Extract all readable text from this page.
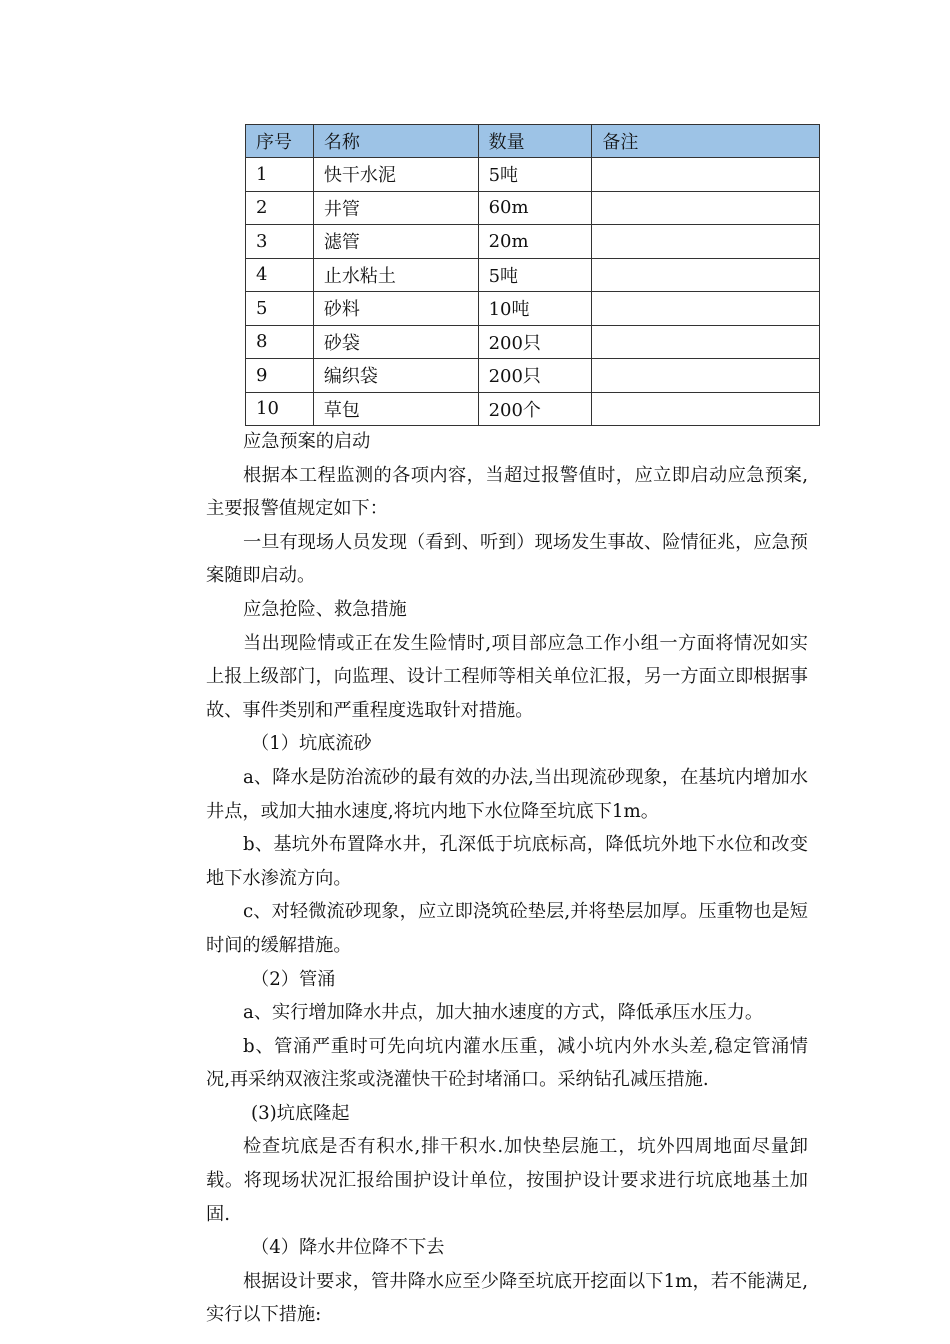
序号	名称	数量	备注
1	快干水泥	5吨	
2	井管	60m	
3	滤管	20m	
4	止水粘土	5吨	
5	砂料	10吨	
8	砂袋	200只	
9	编织袋	200只	
10	草包	200个	

应急预案的启动

根据本工程监测的各项内容，当超过报警值时，应立即启动应急预案,主要报警值规定如下：

一旦有现场人员发现（看到、听到）现场发生事故、险情征兆，应急预案随即启动。

应急抢险、救急措施

当出现险情或正在发生险情时,项目部应急工作小组一方面将情况如实上报上级部门，向监理、设计工程师等相关单位汇报，另一方面立即根据事故、事件类别和严重程度选取针对措施。

（1）坑底流砂

a、降水是防治流砂的最有效的办法,当出现流砂现象，在基坑内增加水井点，或加大抽水速度,将坑内地下水位降至坑底下1m。

b、基坑外布置降水井，孔深低于坑底标高，降低坑外地下水位和改变地下水渗流方向。

c、对轻微流砂现象，应立即浇筑砼垫层,并将垫层加厚。压重物也是短时间的缓解措施。

（2）管涌

a、实行增加降水井点，加大抽水速度的方式，降低承压水压力。

b、管涌严重时可先向坑内灌水压重，减小坑内外水头差,稳定管涌情况,再采纳双液注浆或浇灌快干砼封堵涌口。采纳钻孔减压措施.

(3)坑底隆起

检查坑底是否有积水,排干积水.加快垫层施工，坑外四周地面尽量卸载。将现场状况汇报给围护设计单位，按围护设计要求进行坑底地基土加固.

（4）降水井位降不下去

根据设计要求，管井降水应至少降至坑底开挖面以下1m，若不能满足,实行以下措施:
